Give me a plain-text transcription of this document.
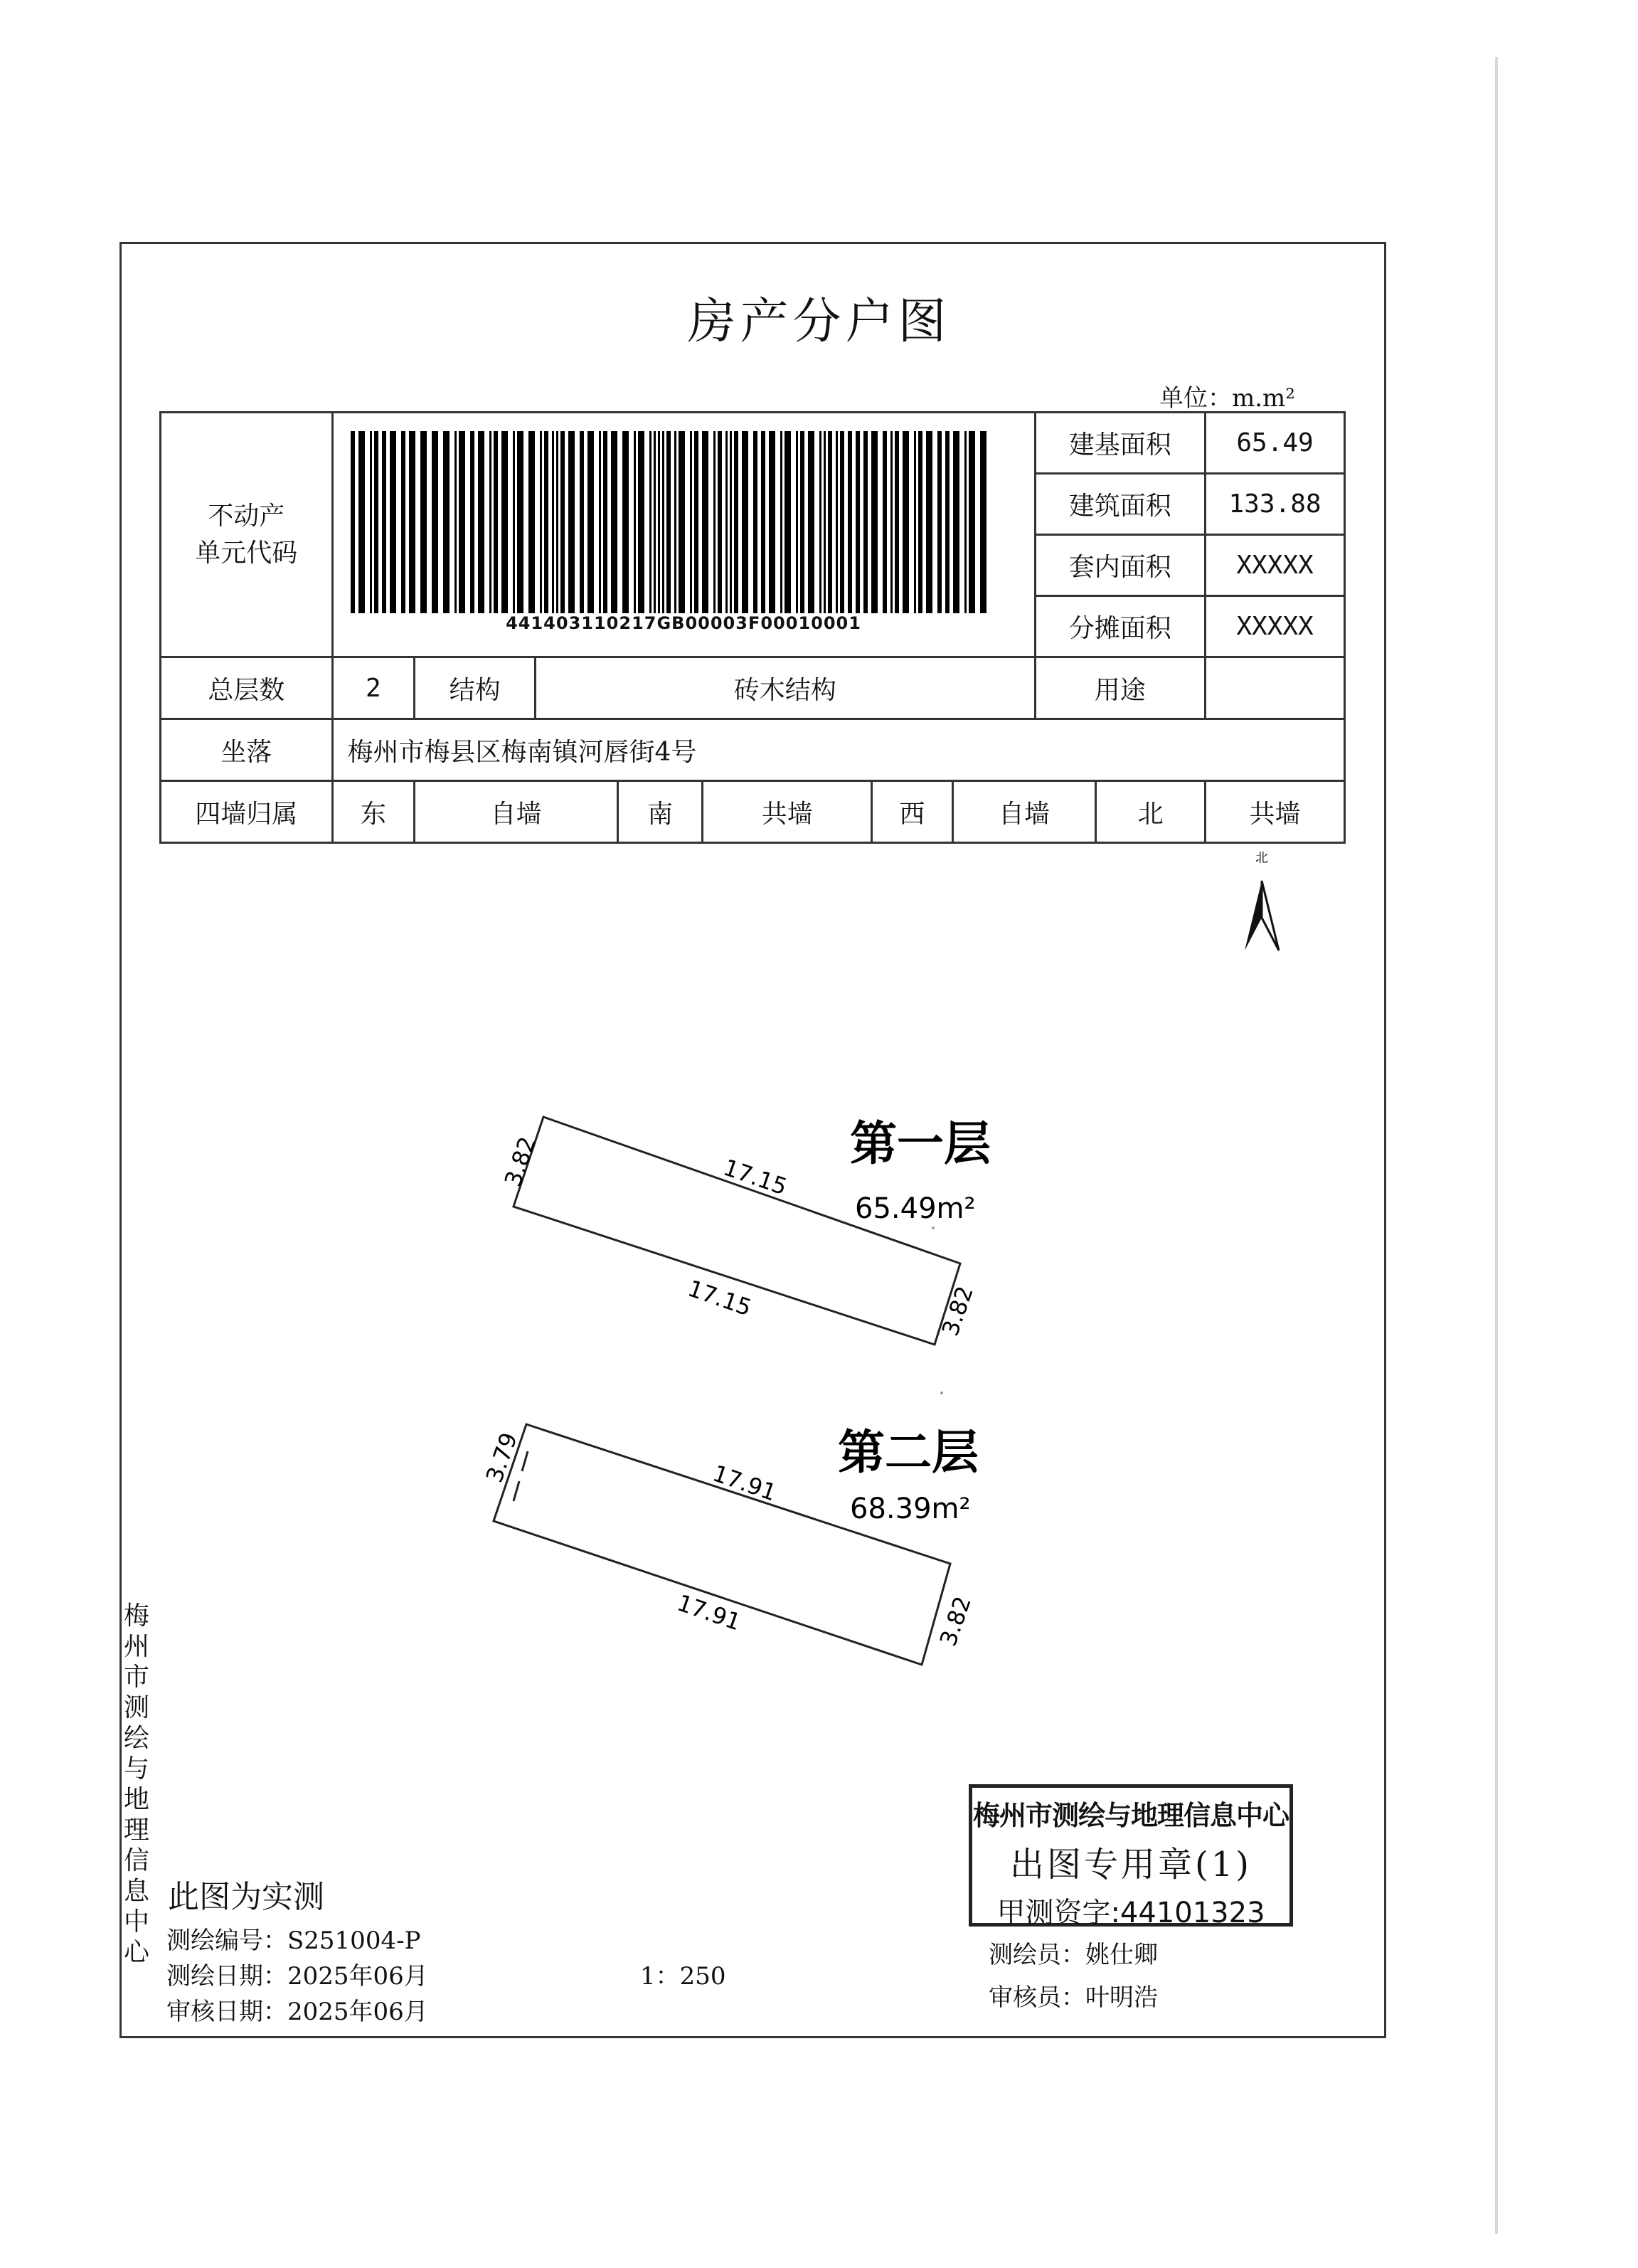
房产分户图
单位：m.m²
不动产
单元代码	441403110217GB00003F00010001							建基面积		65.49
								建筑面积		133.88
								套内面积		XXXXX
								分摊面积		XXXXX
总层数	2	结构	砖木结构					用途		
坐落	梅州市梅县区梅南镇河唇街4号									
四墙归属	东	自墙		南	共墙	西	自墙		北	共墙
北
第一层
65.49m²
17.15
17.15
3.82
3.82
第二层
68.39m²
17.91
17.91
3.79
3.82
梅
州
市
测
绘
与
地
理
信
息
中
心
梅州市测绘与地理信息中心
出图专用章(1)
甲测资字:44101323
此图为实测
测绘编号：S251004-P
测绘日期：2025年06月
审核日期：2025年06月
1：250
测绘员：姚仕卿
审核员：叶明浩
